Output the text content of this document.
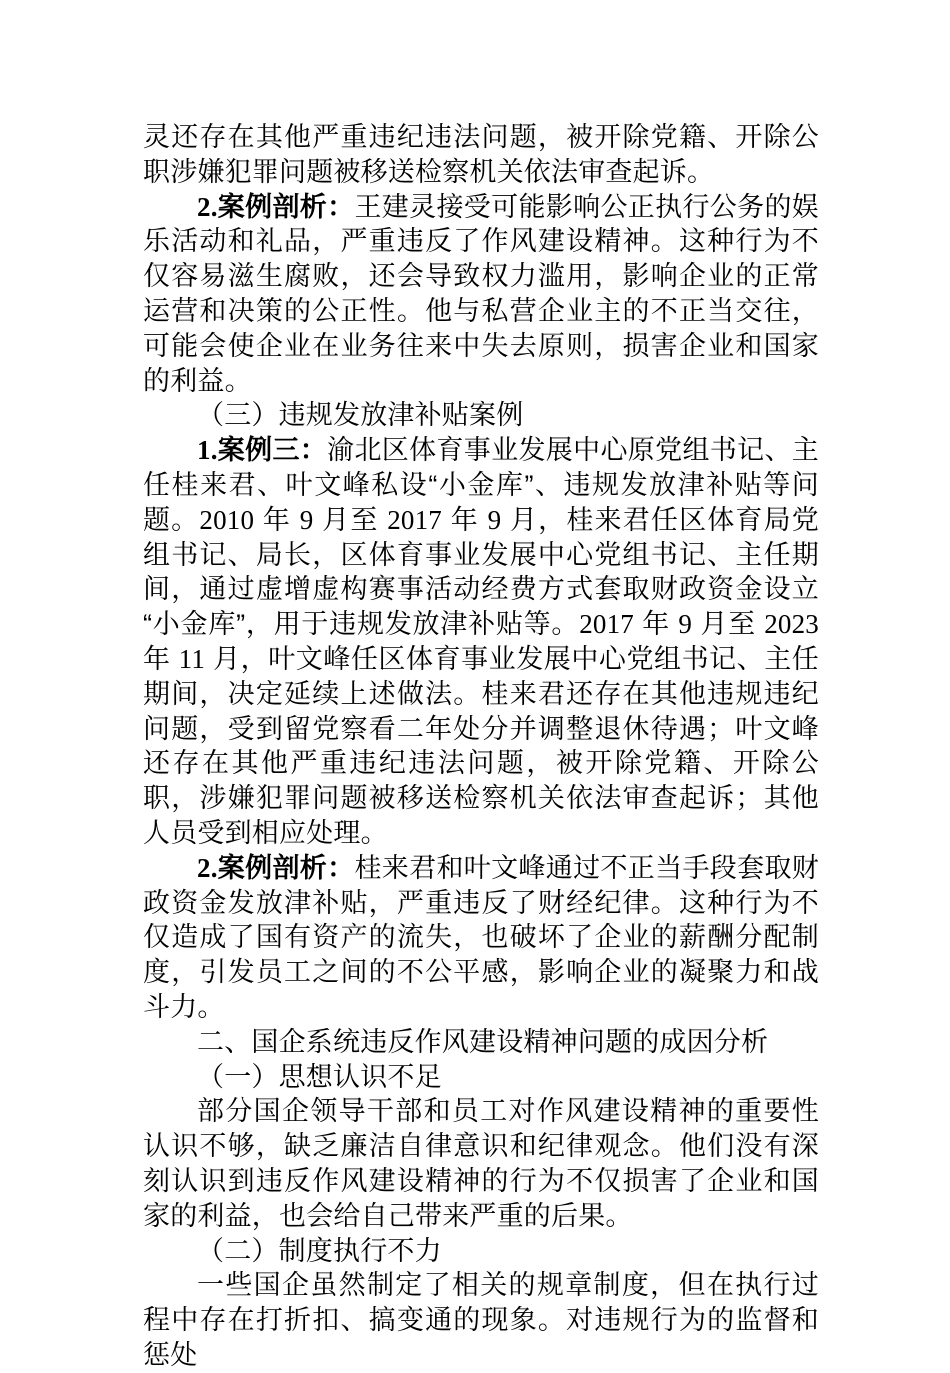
灵还存在其他严重违纪违法问题，被开除党籍、开除公职涉嫌犯罪问题被移送检察机关依法审查起诉。

2.案例剖析：王建灵接受可能影响公正执行公务的娱乐活动和礼品，严重违反了作风建设精神。这种行为不仅容易滋生腐败，还会导致权力滥用，影响企业的正常运营和决策的公正性。他与私营企业主的不正当交往，可能会使企业在业务往来中失去原则，损害企业和国家的利益。

（三）违规发放津补贴案例

1.案例三：渝北区体育事业发展中心原党组书记、主任桂来君、叶文峰私设“小金库”、违规发放津补贴等问题。2010 年 9 月至 2017 年 9 月，桂来君任区体育局党组书记、局长，区体育事业发展中心党组书记、主任期间，通过虚增虚构赛事活动经费方式套取财政资金设立“小金库”，用于违规发放津补贴等。2017 年 9 月至 2023 年 11 月，叶文峰任区体育事业发展中心党组书记、主任期间，决定延续上述做法。桂来君还存在其他违规违纪问题，受到留党察看二年处分并调整退休待遇；叶文峰还存在其他严重违纪违法问题，被开除党籍、开除公职，涉嫌犯罪问题被移送检察机关依法审查起诉；其他人员受到相应处理。

2.案例剖析：桂来君和叶文峰通过不正当手段套取财政资金发放津补贴，严重违反了财经纪律。这种行为不仅造成了国有资产的流失，也破坏了企业的薪酬分配制度，引发员工之间的不公平感，影响企业的凝聚力和战斗力。

二、国企系统违反作风建设精神问题的成因分析

（一）思想认识不足

部分国企领导干部和员工对作风建设精神的重要性认识不够，缺乏廉洁自律意识和纪律观念。他们没有深刻认识到违反作风建设精神的行为不仅损害了企业和国家的利益，也会给自己带来严重的后果。

（二）制度执行不力

一些国企虽然制定了相关的规章制度，但在执行过程中存在打折扣、搞变通的现象。对违规行为的监督和惩处
